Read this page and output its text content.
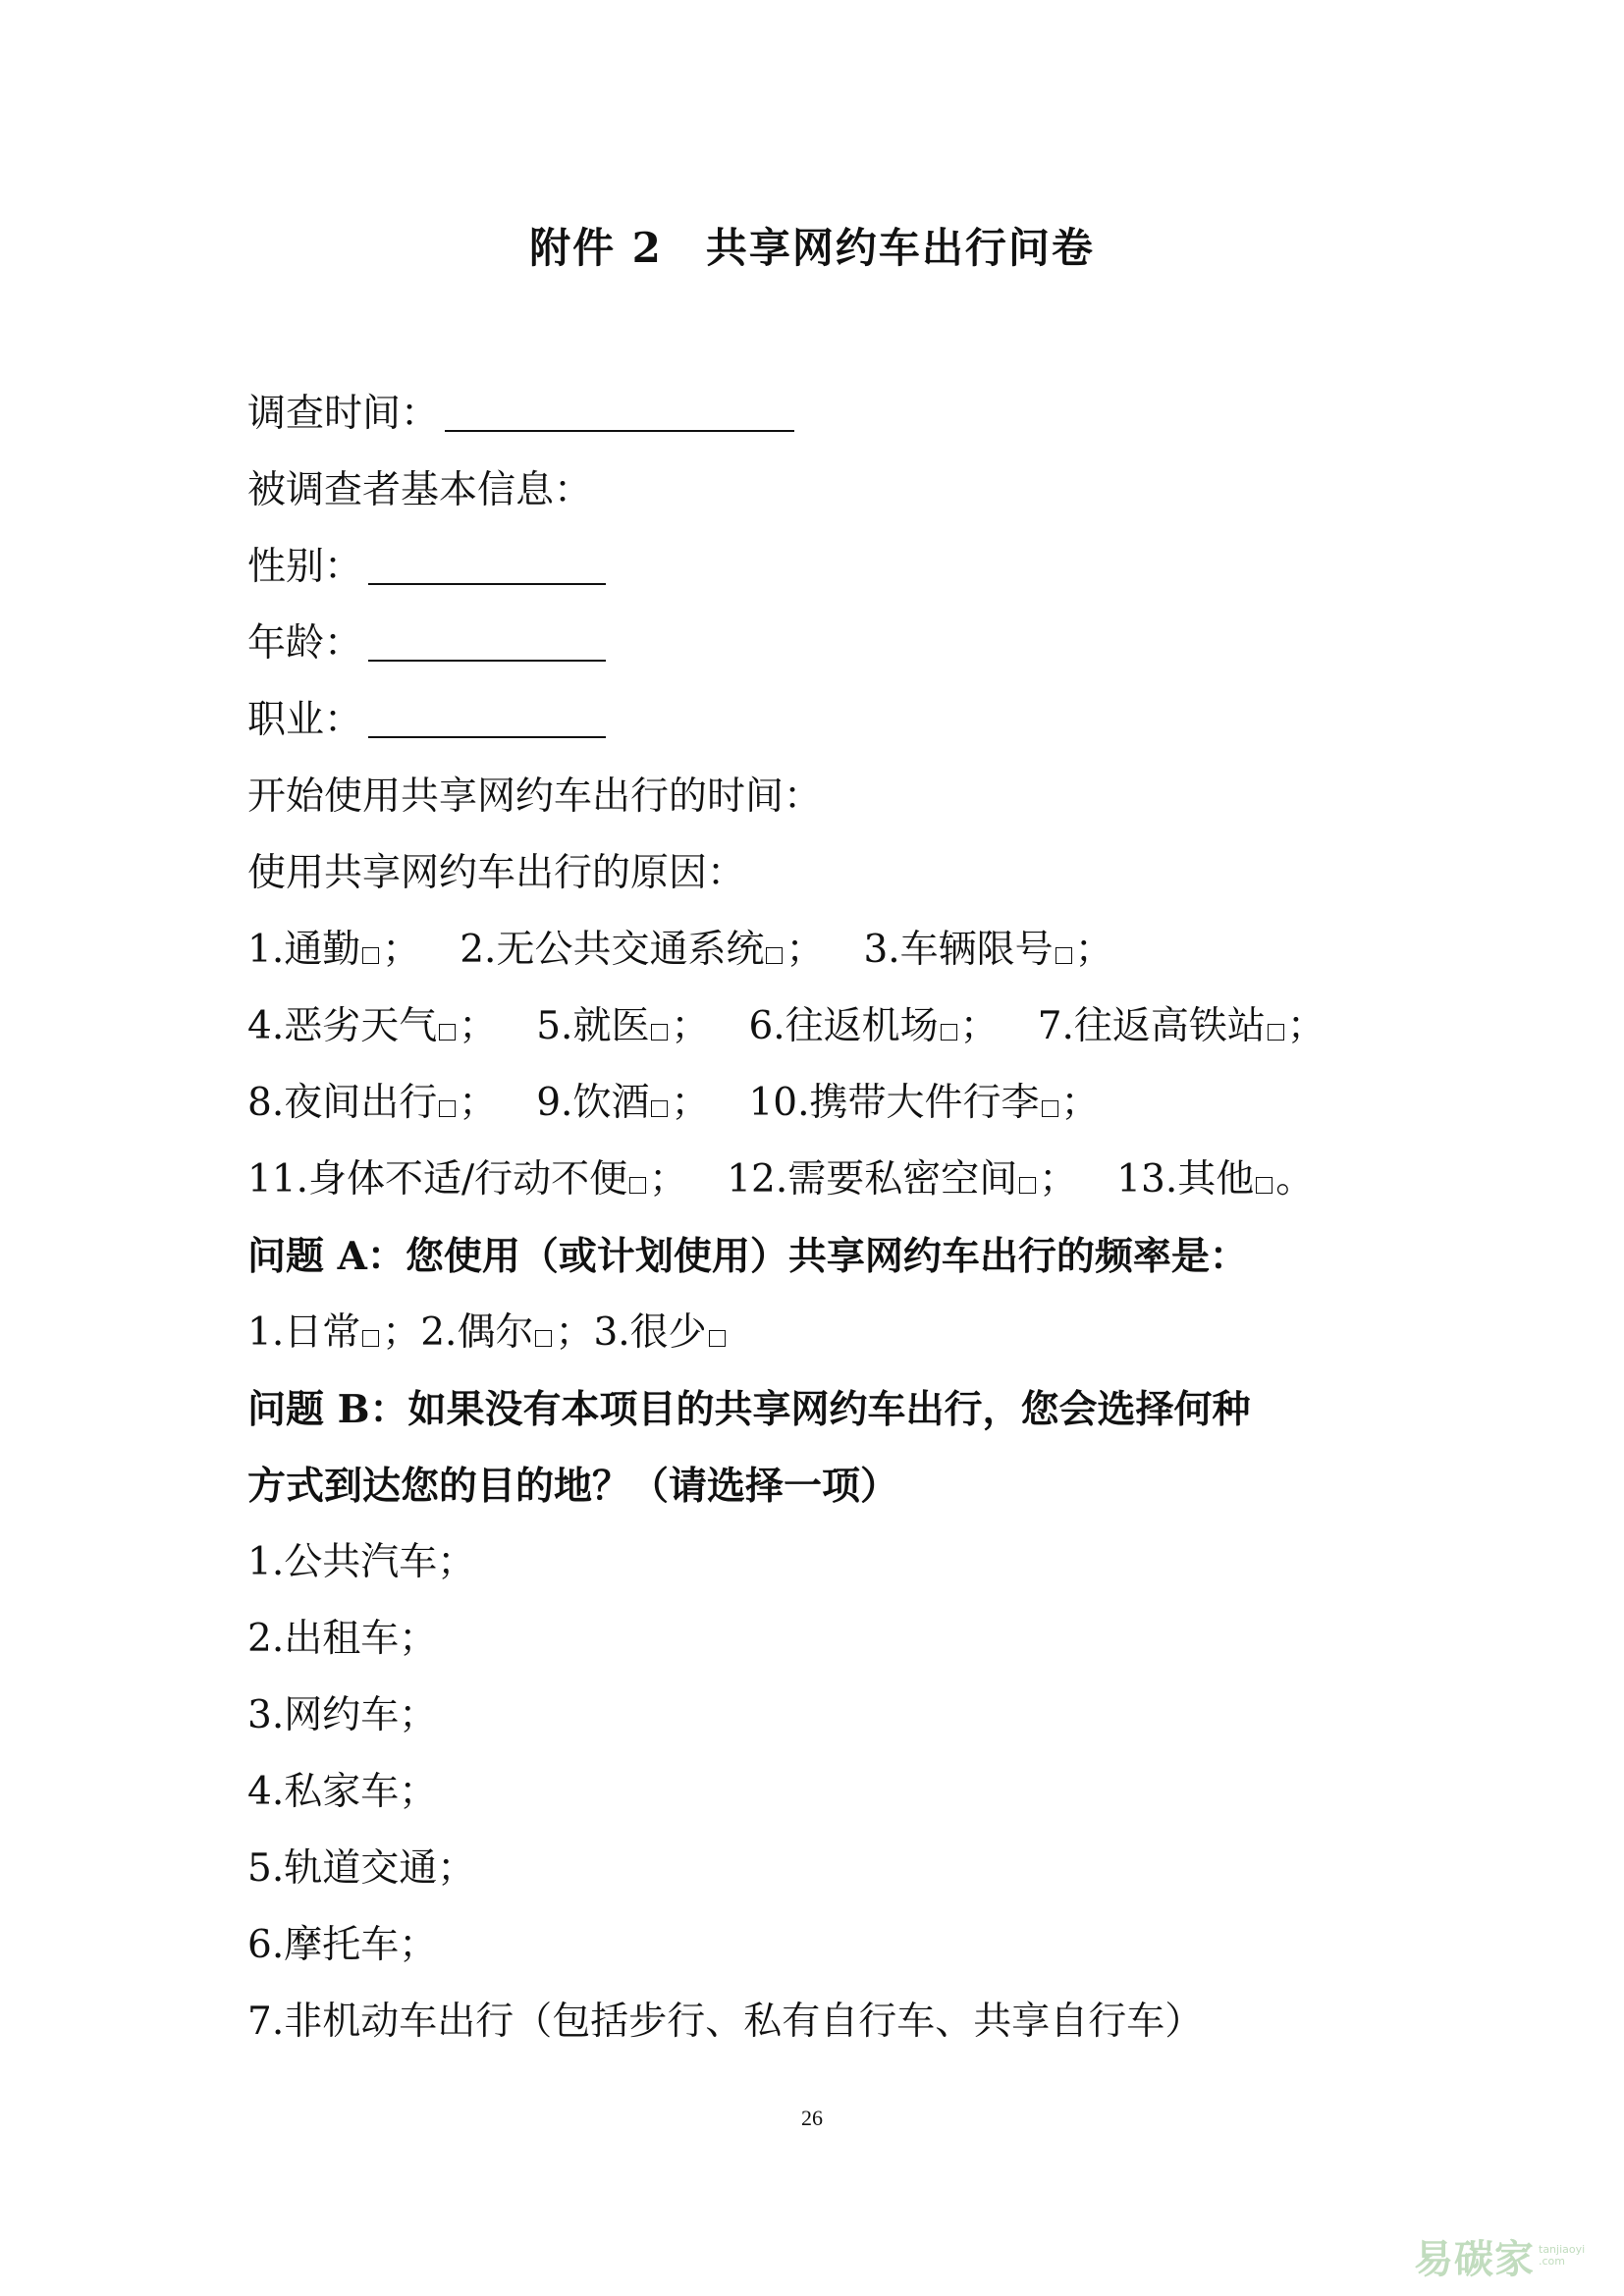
附件 2　共享网约车出行问卷
调查时间：
被调查者基本信息：
性别：
年龄：
职业：
开始使用共享网约车出行的时间：
使用共享网约车出行的原因：
1.通勤 ； 2.无公共交通系统 ； 3.车辆限号 ；
4.恶劣天气 ； 5.就医 ； 6.往返机场 ； 7.往返高铁站 ；
8.夜间出行 ； 9.饮酒 ； 10.携带大件行李 ；
11.身体不适/行动不便 ； 12.需要私密空间 ； 13.其他 。
问题 A：您使用（或计划使用）共享网约车出行的频率是：
1.日常 ；2.偶尔 ；3.很少
问题 B：如果没有本项目的共享网约车出行，您会选择何种
方式到达您的目的地？（请选择一项）
1.公共汽车；
2.出租车；
3.网约车；
4.私家车；
5.轨道交通；
6.摩托车；
7.非机动车出行（包括步行、私有自行车、共享自行车）
26
易碳家 tanjiaoyi
.com
